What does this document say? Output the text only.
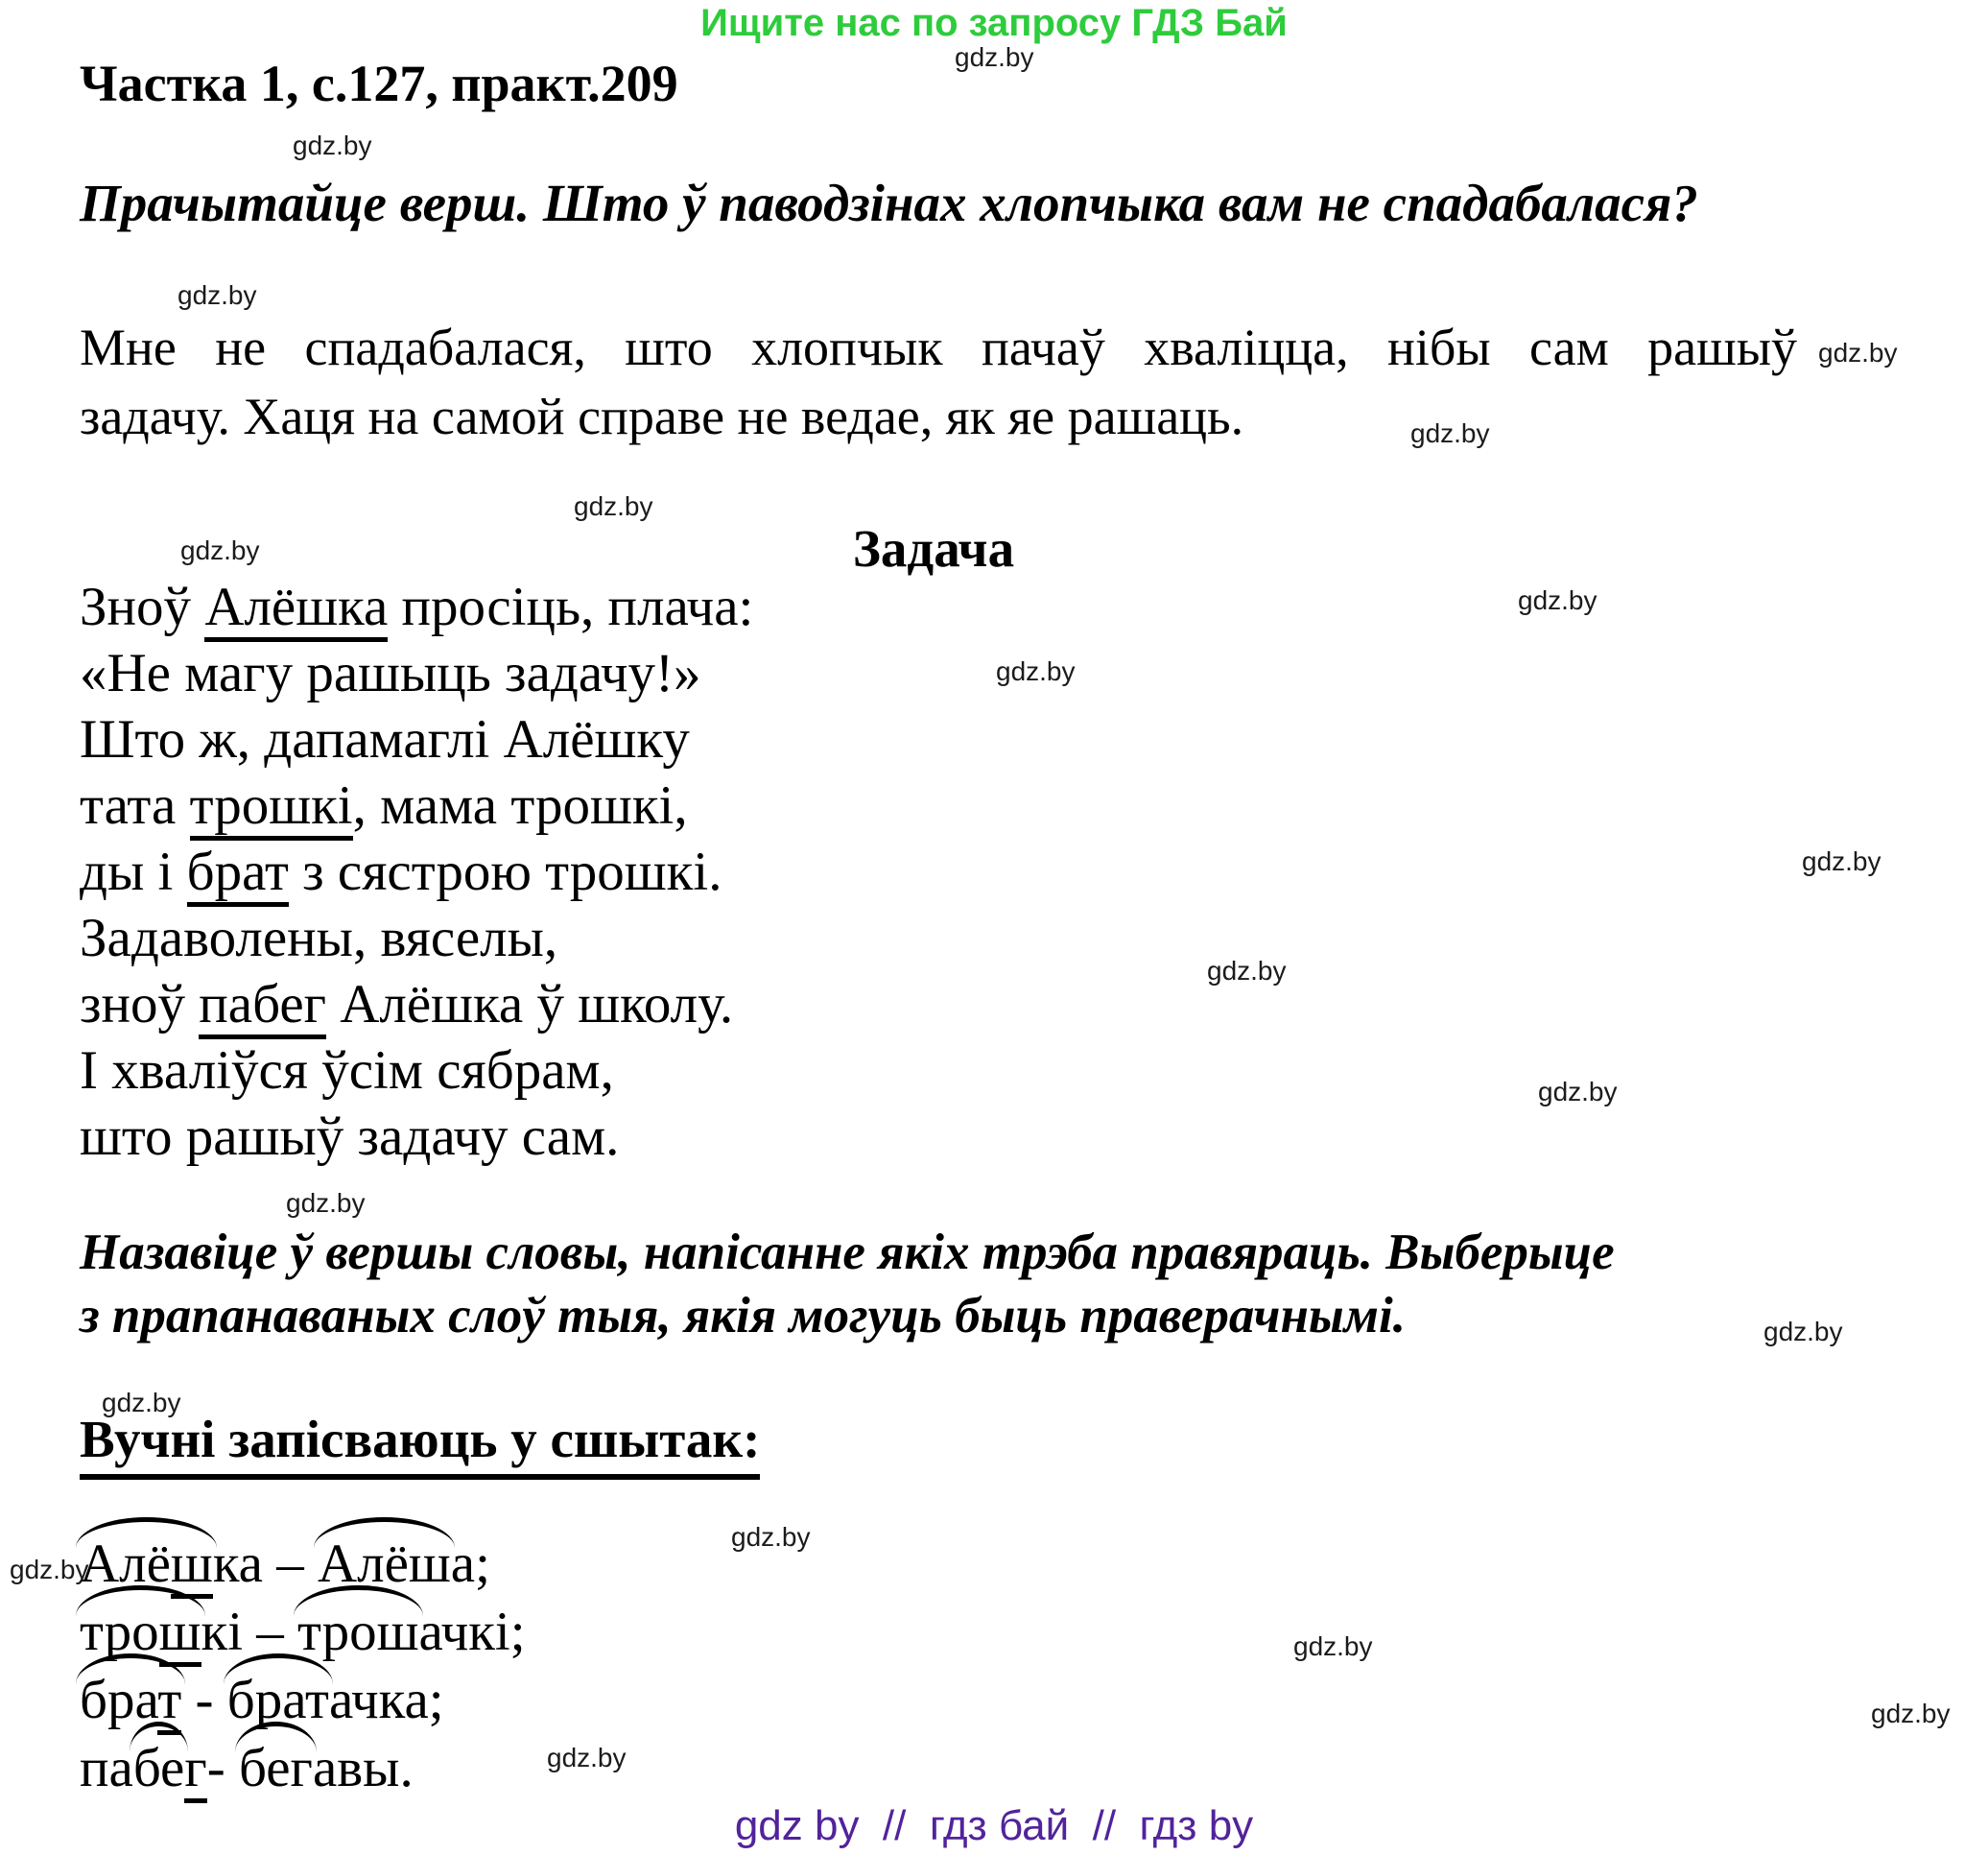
Ищите нас по запросу ГДЗ Бай
gdz.by
gdz.by
gdz.by
gdz.by
gdz.by
gdz.by
gdz.by
gdz.by
gdz.by
gdz.by
gdz.by
gdz.by
gdz.by
gdz.by
gdz.by
gdz.by
gdz.by
gdz.by
gdz.by
gdz.by
Частка 1, с.127, практ.209
Прачытайце верш. Што ў паводзінах хлопчыка вам не спадабалася?
Мне не спадабалася, што хлопчык пачаў хваліцца, нібы сам рашыў
задачу. Хаця на самой справе не ведае, як яе рашаць.
Задача
Зноў Алёшка просіць, плача:
«Не магу рашыць задачу!»
Што ж, дапамаглі Алёшку
тата трошкі, мама трошкі,
ды і брат з сястрою трошкі.
Задаволены, вяселы,
зноў пабег Алёшка ў школу.
І хваліўся ўсім сябрам,
што рашыў задачу сам.
Назавіце ў вершы словы, напісанне якіх трэба правяраць. Выберыце
з прапанаваных слоў тыя, якія могуць быць праверачнымі.
Вучні запісваюць у сшытак:
Алёшка – Алёша;
трошкі – трошачкі;
брат - братачка;
пабег- бегавы.
gdz by  //  гдз бай  //  гдз by
